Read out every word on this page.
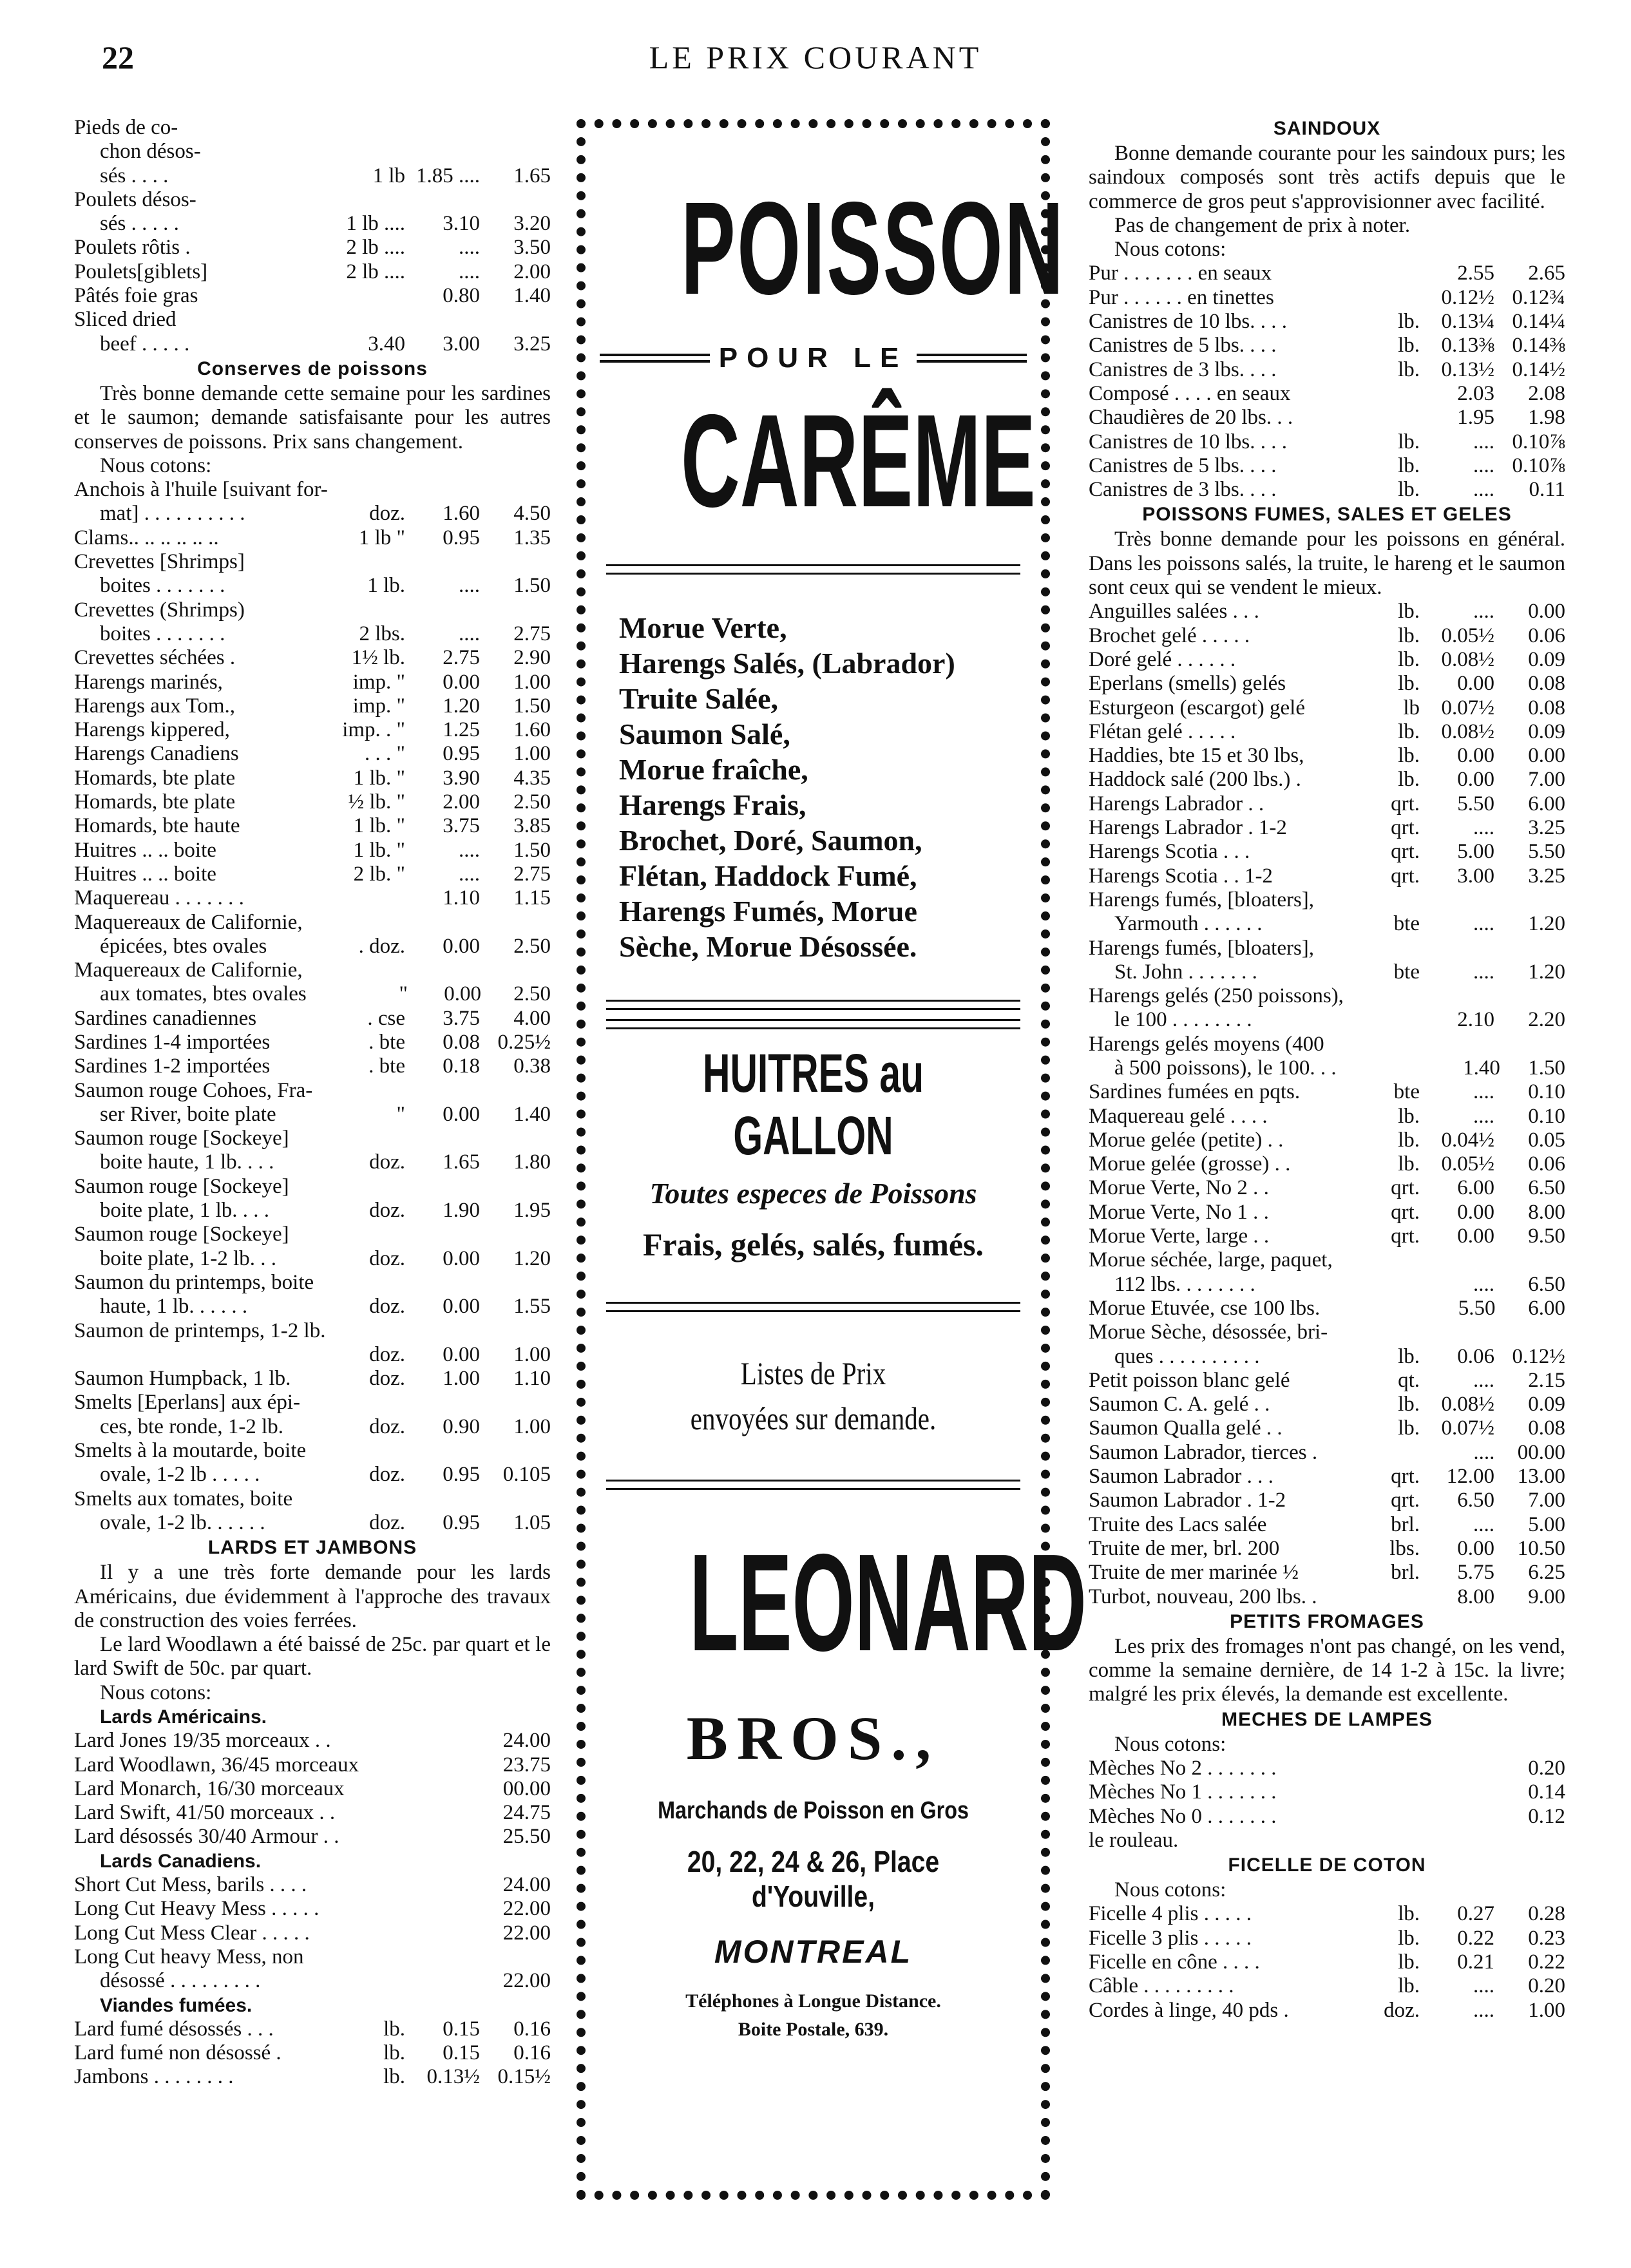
LE PRIX COURANT
22
Pieds de co-
chon désos-
sés . . . .	1 lb 1.85 ....	1.65
Poulets désos-
sés . . . . .	1 lb ....	3.10	3.20
Poulets rôtis .	2 lb ....	....	3.50
Poulets[giblets]	2 lb ....	....	2.00
Pâtés foie gras	0.80	1.40
Sliced dried
beef . . . . .	3.40	3.00	3.25
Conserves de poissons

Très bonne demande cette semaine pour les sardines et le saumon; demande satisfaisante pour les autres conserves de poissons. Prix sans changement.

Nous cotons:
Anchois à l'huile [suivant for-
mat] . . . . . . . . . .	doz.	1.60	4.50
Clams.. .. .. .. .. ..	1 lb "	0.95	1.35
Crevettes [Shrimps]
boites . . . . . . .	1 lb.	....	1.50
Crevettes (Shrimps)
boites . . . . . . .	2 lbs.	....	2.75
Crevettes séchées .	1½ lb.	2.75	2.90
Harengs marinés,	imp. "	0.00	1.00
Harengs aux Tom.,	imp. "	1.20	1.50
Harengs kippered,	imp. . "	1.25	1.60
Harengs Canadiens	. . . "	0.95	1.00
Homards, bte plate	1 lb. "	3.90	4.35
Homards, bte plate	½ lb. "	2.00	2.50
Homards, bte haute	1 lb. "	3.75	3.85
Huitres .. .. boite	1 lb. "	....	1.50
Huitres .. .. boite	2 lb. "	....	2.75
Maquereau . . . . . . .	1.10	1.15
Maquereaux de Californie,
épicées, btes ovales	. doz.	0.00	2.50
Maquereaux de Californie,
aux tomates, btes ovales	"	0.00	2.50
Sardines canadiennes	. cse	3.75	4.00
Sardines 1-4 importées	. bte	0.08 0.25½
Sardines 1-2 importées	. bte	0.18	0.38
Saumon rouge Cohoes, Fra-
ser River, boite plate	"	0.00	1.40
Saumon rouge [Sockeye]
boite haute, 1 lb. . . .	doz.	1.65	1.80
Saumon rouge [Sockeye]
boite plate, 1 lb. . . .	doz.	1.90	1.95
Saumon rouge [Sockeye]
boite plate, 1-2 lb. . .	doz.	0.00	1.20
Saumon du printemps, boite
haute, 1 lb. . . . . .	doz.	0.00	1.55
Saumon de printemps, 1-2 lb.
doz.	0.00	1.00
Saumon Humpback, 1 lb.	doz.	1.00	1.10
Smelts [Eperlans] aux épi-
ces, bte ronde, 1-2 lb.	doz.	0.90	1.00
Smelts à la moutarde, boite
ovale, 1-2 lb . . . . .	doz.	0.95	0.105
Smelts aux tomates, boite
ovale, 1-2 lb. . . . . .	doz.	0.95	1.05
LARDS ET JAMBONS

Il y a une très forte demande pour les lards Américains, due évidemment à l'approche des travaux de construction des voies ferrées.

Le lard Woodlawn a été baissé de 25c. par quart et le lard Swift de 50c. par quart.

Nous cotons:
Lards Américains.
Lard Jones 19/35 morceaux . .	24.00
Lard Woodlawn, 36/45 morceaux	23.75
Lard Monarch, 16/30 morceaux	00.00
Lard Swift, 41/50 morceaux . .	24.75
Lard désossés 30/40 Armour . .	25.50
Lards Canadiens.
Short Cut Mess, barils . . . .	24.00
Long Cut Heavy Mess . . . . .	22.00
Long Cut Mess Clear . . . . .	22.00
Long Cut heavy Mess, non
désossé . . . . . . . . .	22.00
Viandes fumées.
Lard fumé désossés . . .	lb.	0.15	0.16
Lard fumé non désossé .	lb.	0.15	0.16
Jambons . . . . . . . .	lb.	0.13½ 0.15½
POISSON
POUR LE
CARÊME
Morue Verte,
Harengs Salés, (Labrador)
Truite Salée,
Saumon Salé,
Morue fraîche,
Harengs Frais,
Brochet, Doré, Saumon,
Flétan, Haddock Fumé,
Harengs Fumés, Morue
Sèche, Morue Désossée.
HUITRES au GALLON
Toutes especes de Poissons
Frais, gelés, salés, fumés.
Listes de Prix
envoyées sur demande.
LEONARD
BROS.,
Marchands de Poisson en Gros
20, 22, 24 & 26, Place d'Youville,
MONTREAL
Téléphones à Longue Distance.
Boite Postale, 639.
SAINDOUX

Bonne demande courante pour les saindoux purs; les saindoux composés sont très actifs depuis que le commerce de gros peut s'approvisionner avec facilité.

Pas de changement de prix à noter.

Nous cotons:
Pur . . . . . . . en seaux	2.55	2.65
Pur . . . . . . en tinettes	0.12½ 0.12¾
Canistres de 10 lbs. . . .	lb.	0.13¼ 0.14¼
Canistres de 5 lbs. . . .	lb.	0.13⅜ 0.14⅜
Canistres de 3 lbs. . . .	lb.	0.13½ 0.14½
Composé . . . . en seaux	2.03	2.08
Chaudières de 20 lbs. . .	1.95	1.98
Canistres de 10 lbs. . . .	lb.	.... 0.10⅞
Canistres de 5 lbs. . . .	lb.	.... 0.10⅞
Canistres de 3 lbs. . . .	lb.	....	0.11
POISSONS FUMES, SALES ET GELES

Très bonne demande pour les poissons en général. Dans les poissons salés, la truite, le hareng et le saumon sont ceux qui se vendent le mieux.

Anguilles salées . . .	lb.	....	0.00
Brochet gelé . . . . .	lb.	0.05½	0.06
Doré gelé . . . . . .	lb.	0.08½	0.09
Eperlans (smells) gelés	lb.	0.00	0.08
Esturgeon (escargot) gelé	lb	0.07½	0.08
Flétan gelé . . . . .	lb.	0.08½	0.09
Haddies, bte 15 et 30 lbs,	lb.	0.00	0.00
Haddock salé (200 lbs.) .	lb.	0.00	7.00
Harengs Labrador . .	qrt.	5.50	6.00
Harengs Labrador . 1-2	qrt.	....	3.25
Harengs Scotia . . .	qrt.	5.00	5.50
Harengs Scotia . . 1-2	qrt.	3.00	3.25
Harengs fumés, [bloaters],
Yarmouth . . . . . .	bte	....	1.20
Harengs fumés, [bloaters],
St. John . . . . . . .	bte	....	1.20
Harengs gelés (250 poissons),
le 100 . . . . . . . .	2.10	2.20
Harengs gelés moyens (400
à 500 poissons), le 100. . .	1.40	1.50
Sardines fumées en pqts.	bte	....	0.10
Maquereau gelé . . . .	lb.	....	0.10
Morue gelée (petite) . .	lb.	0.04½	0.05
Morue gelée (grosse) . .	lb.	0.05½	0.06
Morue Verte, No 2 . .	qrt.	6.00	6.50
Morue Verte, No 1 . .	qrt.	0.00	8.00
Morue Verte, large . .	qrt.	0.00	9.50
Morue séchée, large, paquet,
112 lbs. . . . . . . .	....	6.50
Morue Etuvée, cse 100 lbs.	5.50	6.00
Morue Sèche, désossée, bri-
ques . . . . . . . . . .	lb.	0.06 0.12½
Petit poisson blanc gelé	qt.	....	2.15
Saumon C. A. gelé . .	lb.	0.08½	0.09
Saumon Qualla gelé . .	lb.	0.07½	0.08
Saumon Labrador, tierces .	....	00.00
Saumon Labrador . . .	qrt.	12.00	13.00
Saumon Labrador . 1-2	qrt.	6.50	7.00
Truite des Lacs salée	brl.	....	5.00
Truite de mer, brl. 200	lbs.	0.00	10.50
Truite de mer marinée ½	brl.	5.75	6.25
Turbot, nouveau, 200 lbs. .	8.00	9.00
PETITS FROMAGES

Les prix des fromages n'ont pas changé, on les vend, comme la semaine dernière, de 14 1-2 à 15c. la livre; malgré les prix élevés, la demande est excellente.

MECHES DE LAMPES
Nous cotons:
Mèches No 2 . . . . . . .	0.20
Mèches No 1 . . . . . . .	0.14
Mèches No 0 . . . . . . .	0.12
le rouleau.
FICELLE DE COTON
Nous cotons:
Ficelle 4 plis . . . . .	lb.	0.27	0.28
Ficelle 3 plis . . . . .	lb.	0.22	0.23
Ficelle en cône . . . .	lb.	0.21	0.22
Câble . . . . . . . . .	lb.	....	0.20
Cordes à linge, 40 pds .	doz.	....	1.00
